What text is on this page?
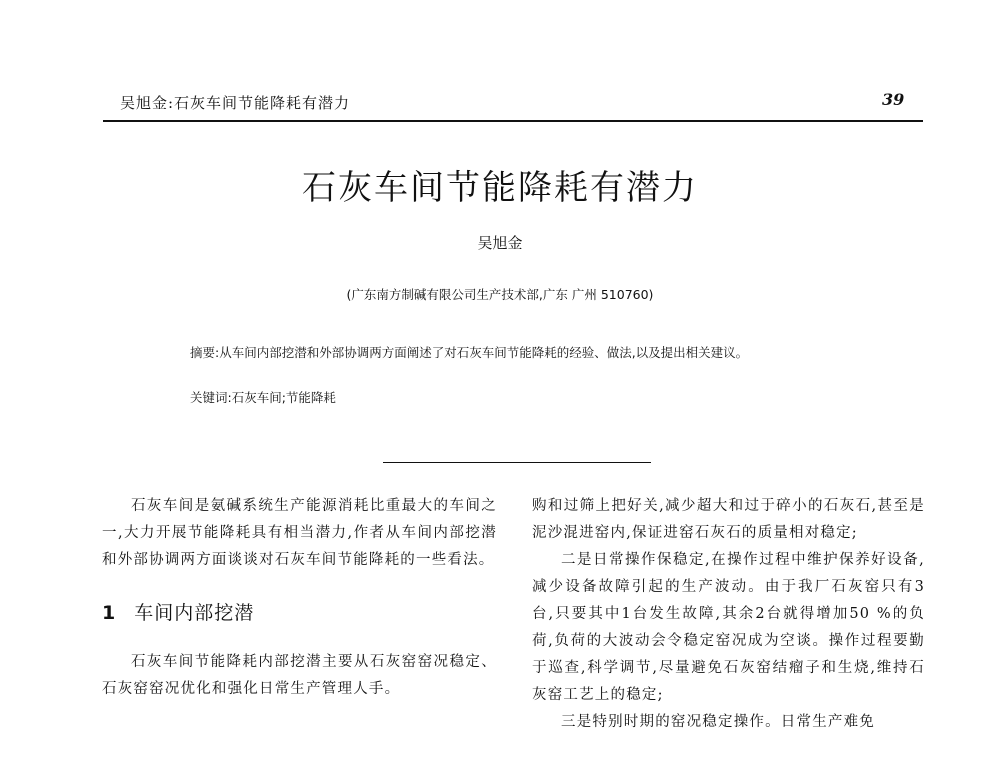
吴旭金:石灰车间节能降耗有潜力	39
石灰车间节能降耗有潜力
吴旭金
(广东南方制碱有限公司生产技术部,广东 广州 510760)

摘要:从车间内部挖潜和外部协调两方面阐述了对石灰车间节能降耗的经验、做法,以及提出相关建议。

关键词:石灰车间;节能降耗

石灰车间是氨碱系统生产能源消耗比重最大的车间之一,大力开展节能降耗具有相当潜力,作者从车间内部挖潜和外部协调两方面谈谈对石灰车间节能降耗的一些看法。

1 车间内部挖潜

石灰车间节能降耗内部挖潜主要从石灰窑窑况稳定、石灰窑窑况优化和强化日常生产管理人手。

购和过筛上把好关,减少超大和过于碎小的石灰石,甚至是泥沙混进窑内,保证进窑石灰石的质量相对稳定;

二是日常操作保稳定,在操作过程中维护保养好设备,减少设备故障引起的生产波动。由于我厂石灰窑只有3台,只要其中1台发生故障,其余2台就得增加50 %的负荷,负荷的大波动会令稳定窑况成为空谈。操作过程要勤于巡查,科学调节,尽量避免石灰窑结瘤子和生烧,维持石灰窑工艺上的稳定;

三是特别时期的窑况稳定操作。日常生产难免
